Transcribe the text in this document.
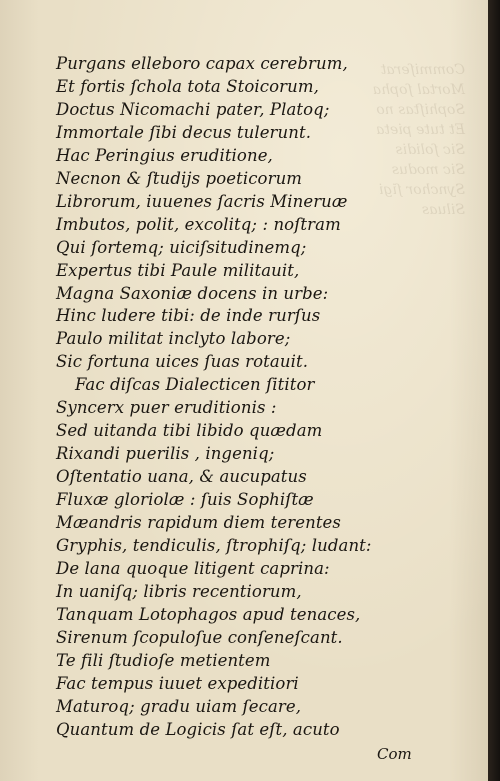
Commiſerat
Mortal ſopha
Sophiſtas no
Et tute pieta
Sic ſolidis
Sic modus
Synchor ſigi
Siluas
Purgans elleboro capax cerebrum,
Et fortis ſchola tota Stoicorum,
Doctus Nicomachi pater, Platoq;
Immortale ſibi decus tulerunt.
Hac Peringius eruditione,
Necnon & ſtudijs poeticorum
Librorum, iuuenes ſacris Mineruæ
Imbutos, polit, excolitq; : noſtram
Qui ſortemq; uiciſsitudinemq;
Expertus tibi Paule militauit,
Magna Saxoniæ docens in urbe:
Hinc ludere tibi: de inde rurſus
Paulo militat inclyto labore;
Sic fortuna uices ſuas rotauit.
Fac diſcas Dialecticen ſititor
Syncerx puer eruditionis :
Sed uitanda tibi libido quædam
Rixandi puerilis , ingeniq;
Oſtentatio uana, & aucupatus
Fluxæ gloriolæ : ſuis Sophiſtæ
Mæandris rapidum diem terentes
Gryphis, tendiculis, ſtrophiſq; ludant:
De lana quoque litigent caprina:
In uaniſq; libris recentiorum,
Tanquam Lotophagos apud tenaces,
Sirenum ſcopuloſue conſeneſcant.
Te fili ſtudioſe metientem
Fac tempus iuuet expeditiori
Maturoq; gradu uiam ſecare,
Quantum de Logicis ſat eſt, acuto
Com
